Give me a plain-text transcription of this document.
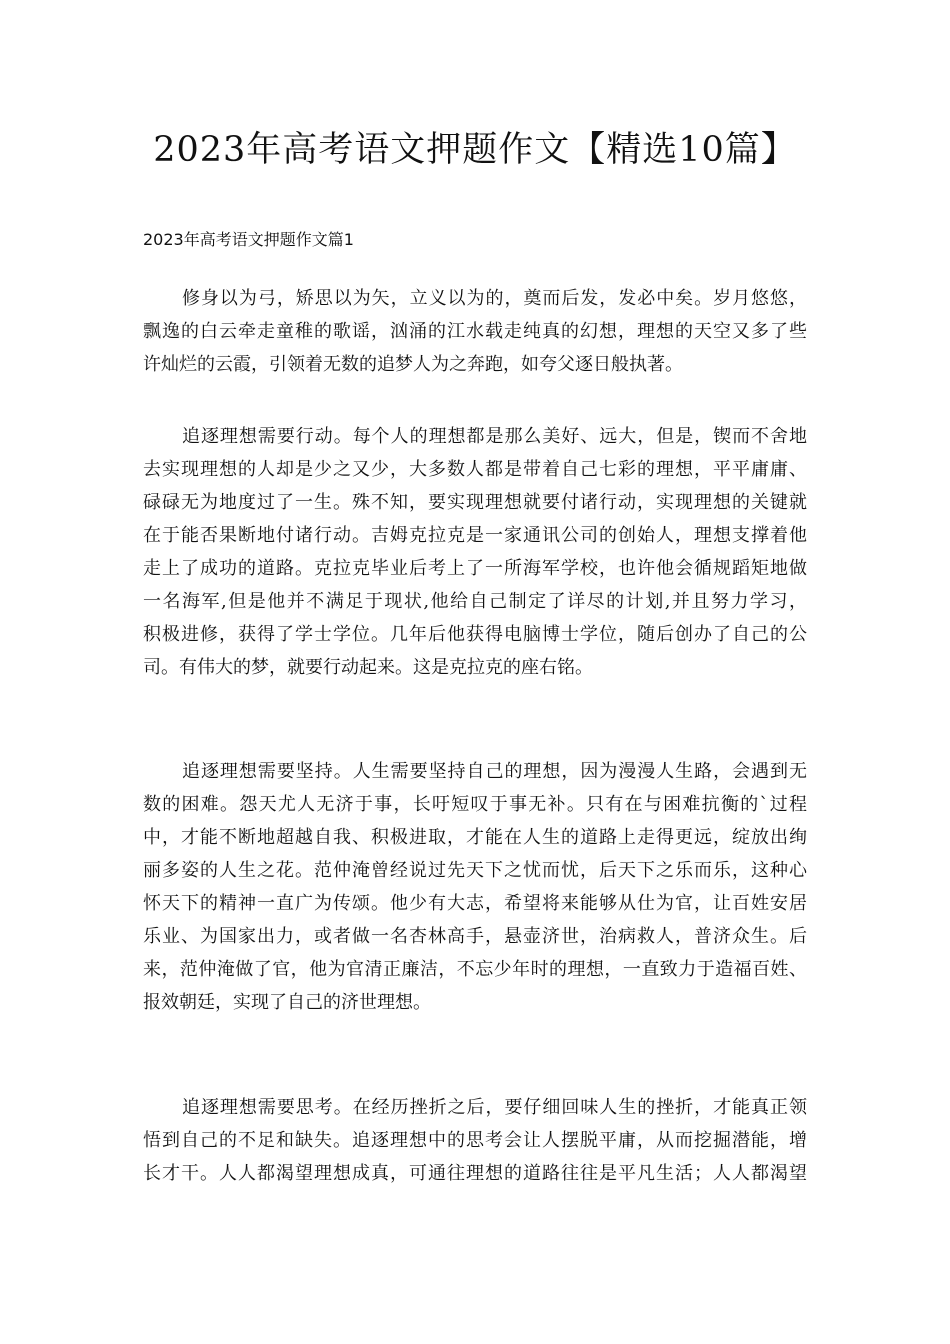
2023年高考语文押题作文【精选10篇】

2023年高考语文押题作文篇1

修身以为弓，矫思以为矢，立义以为的，奠而后发，发必中矣。岁月悠悠，
飘逸的白云牵走童稚的歌谣，汹涌的江水载走纯真的幻想，理想的天空又多了些
许灿烂的云霞，引领着无数的追梦人为之奔跑，如夸父逐日般执著。

追逐理想需要行动。每个人的理想都是那么美好、远大，但是，锲而不舍地
去实现理想的人却是少之又少，大多数人都是带着自己七彩的理想，平平庸庸、
碌碌无为地度过了一生。殊不知，要实现理想就要付诸行动，实现理想的关键就
在于能否果断地付诸行动。吉姆克拉克是一家通讯公司的创始人，理想支撑着他
走上了成功的道路。克拉克毕业后考上了一所海军学校，也许他会循规蹈矩地做
一名海军,但是他并不满足于现状,他给自己制定了详尽的计划,并且努力学习，
积极进修，获得了学士学位。几年后他获得电脑博士学位，随后创办了自己的公
司。有伟大的梦，就要行动起来。这是克拉克的座右铭。

追逐理想需要坚持。人生需要坚持自己的理想，因为漫漫人生路，会遇到无
数的困难。怨天尤人无济于事，长吁短叹于事无补。只有在与困难抗衡的`过程
中，才能不断地超越自我、积极进取，才能在人生的道路上走得更远，绽放出绚
丽多姿的人生之花。范仲淹曾经说过先天下之忧而忧，后天下之乐而乐，这种心
怀天下的精神一直广为传颂。他少有大志，希望将来能够从仕为官，让百姓安居
乐业、为国家出力，或者做一名杏林高手，悬壶济世，治病救人，普济众生。后
来，范仲淹做了官，他为官清正廉洁，不忘少年时的理想，一直致力于造福百姓、
报效朝廷，实现了自己的济世理想。

追逐理想需要思考。在经历挫折之后，要仔细回味人生的挫折，才能真正领
悟到自己的不足和缺失。追逐理想中的思考会让人摆脱平庸，从而挖掘潜能，增
长才干。人人都渴望理想成真，可通往理想的道路往往是平凡生活；人人都渴望
